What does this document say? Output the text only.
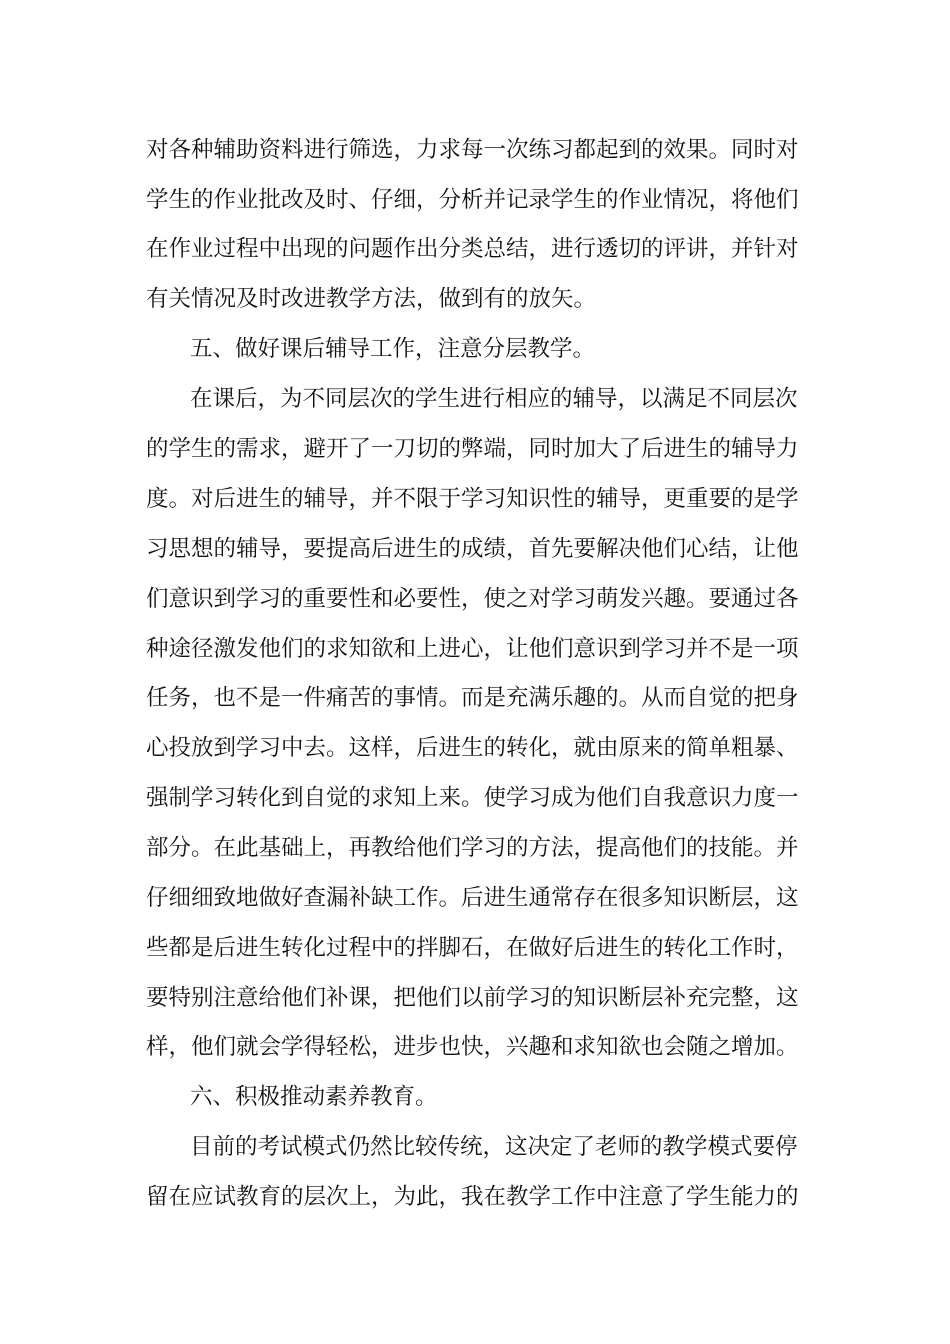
对各种辅助资料进行筛选，力求每一次练习都起到的效果。同时对
学生的作业批改及时、仔细，分析并记录学生的作业情况，将他们
在作业过程中出现的问题作出分类总结，进行透切的评讲，并针对
有关情况及时改进教学方法，做到有的放矢。
五、做好课后辅导工作，注意分层教学。
在课后，为不同层次的学生进行相应的辅导，以满足不同层次
的学生的需求，避开了一刀切的弊端，同时加大了后进生的辅导力
度。对后进生的辅导，并不限于学习知识性的辅导，更重要的是学
习思想的辅导，要提高后进生的成绩，首先要解决他们心结，让他
们意识到学习的重要性和必要性，使之对学习萌发兴趣。要通过各
种途径激发他们的求知欲和上进心，让他们意识到学习并不是一项
任务，也不是一件痛苦的事情。而是充满乐趣的。从而自觉的把身
心投放到学习中去。这样，后进生的转化，就由原来的简单粗暴、
强制学习转化到自觉的求知上来。使学习成为他们自我意识力度一
部分。在此基础上，再教给他们学习的方法，提高他们的技能。并
仔细细致地做好查漏补缺工作。后进生通常存在很多知识断层，这
些都是后进生转化过程中的拌脚石，在做好后进生的转化工作时，
要特别注意给他们补课，把他们以前学习的知识断层补充完整，这
样，他们就会学得轻松，进步也快，兴趣和求知欲也会随之增加。
六、积极推动素养教育。
目前的考试模式仍然比较传统，这决定了老师的教学模式要停
留在应试教育的层次上，为此，我在教学工作中注意了学生能力的
